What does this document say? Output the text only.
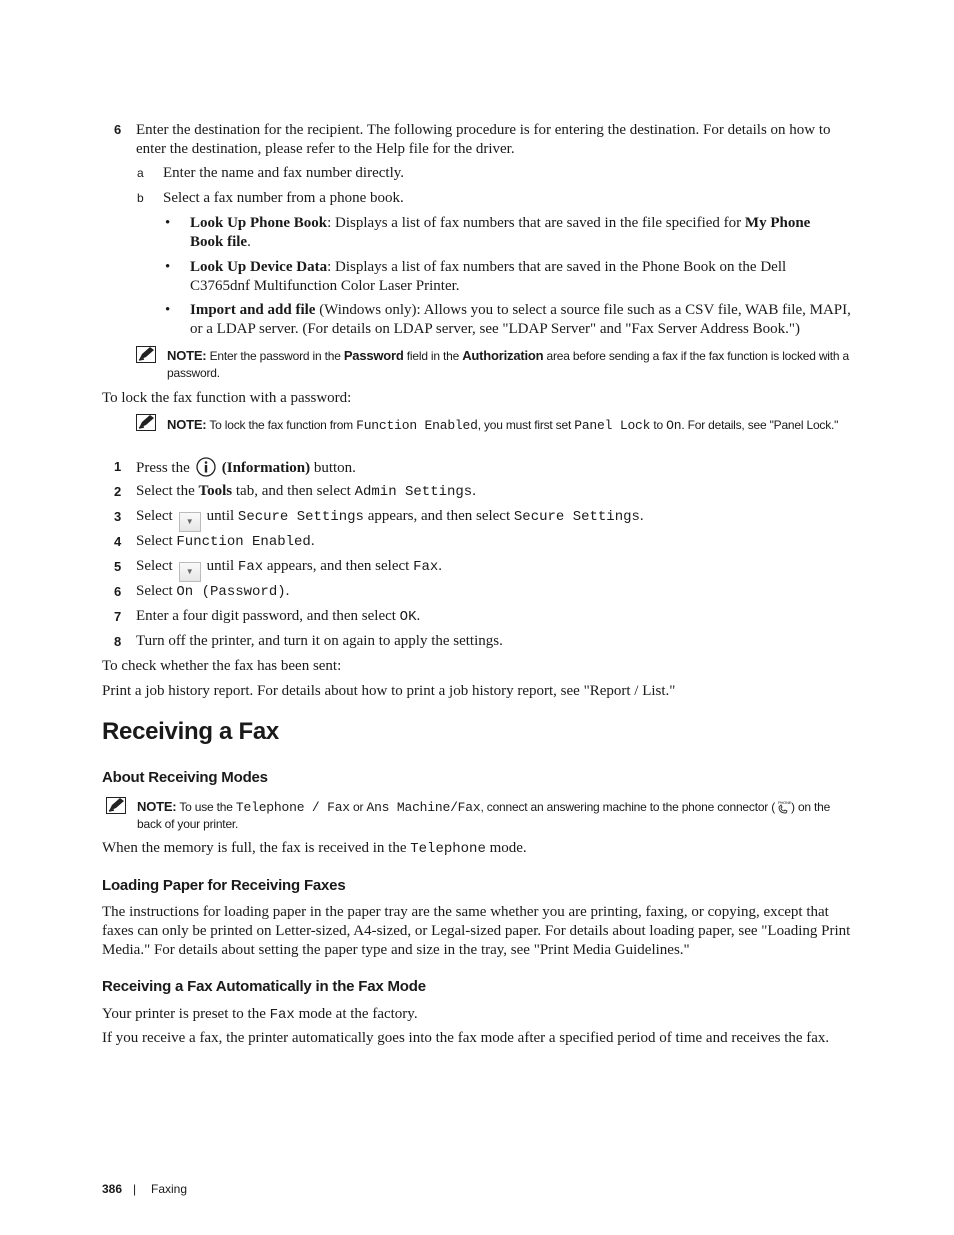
6 Enter the destination for the recipient. The following procedure is for entering the destination. For details on how to enter the destination, please refer to the Help file for the driver.
a Enter the name and fax number directly.
b Select a fax number from a phone book.
• Look Up Phone Book: Displays a list of fax numbers that are saved in the file specified for My Phone Book file.
• Look Up Device Data: Displays a list of fax numbers that are saved in the Phone Book on the Dell C3765dnf Multifunction Color Laser Printer.
• Import and add file (Windows only): Allows you to select a source file such as a CSV file, WAB file, MAPI, or a LDAP server. (For details on LDAP server, see "LDAP Server" and "Fax Server Address Book.")
NOTE: Enter the password in the Password field in the Authorization area before sending a fax if the fax function is locked with a password.
To lock the fax function with a password:
NOTE: To lock the fax function from Function Enabled, you must first set Panel Lock to On. For details, see "Panel Lock."
1 Press the (Information) button.
2 Select the Tools tab, and then select Admin Settings.
3 Select ▼ until Secure Settings appears, and then select Secure Settings.
4 Select Function Enabled.
5 Select ▼ until Fax appears, and then select Fax.
6 Select On (Password).
7 Enter a four digit password, and then select OK.
8 Turn off the printer, and turn it on again to apply the settings.
To check whether the fax has been sent:
Print a job history report. For details about how to print a job history report, see "Report / List."
Receiving a Fax
About Receiving Modes
NOTE: To use the Telephone / Fax or Ans Machine/Fax, connect an answering machine to the phone connector ( PHONE ) on the back of your printer.
When the memory is full, the fax is received in the Telephone mode.
Loading Paper for Receiving Faxes
The instructions for loading paper in the paper tray are the same whether you are printing, faxing, or copying, except that faxes can only be printed on Letter-sized, A4-sized, or Legal-sized paper. For details about loading paper, see "Loading Print Media." For details about setting the paper type and size in the tray, see "Print Media Guidelines."
Receiving a Fax Automatically in the Fax Mode
Your printer is preset to the Fax mode at the factory.
If you receive a fax, the printer automatically goes into the fax mode after a specified period of time and receives the fax.
386 | Faxing
